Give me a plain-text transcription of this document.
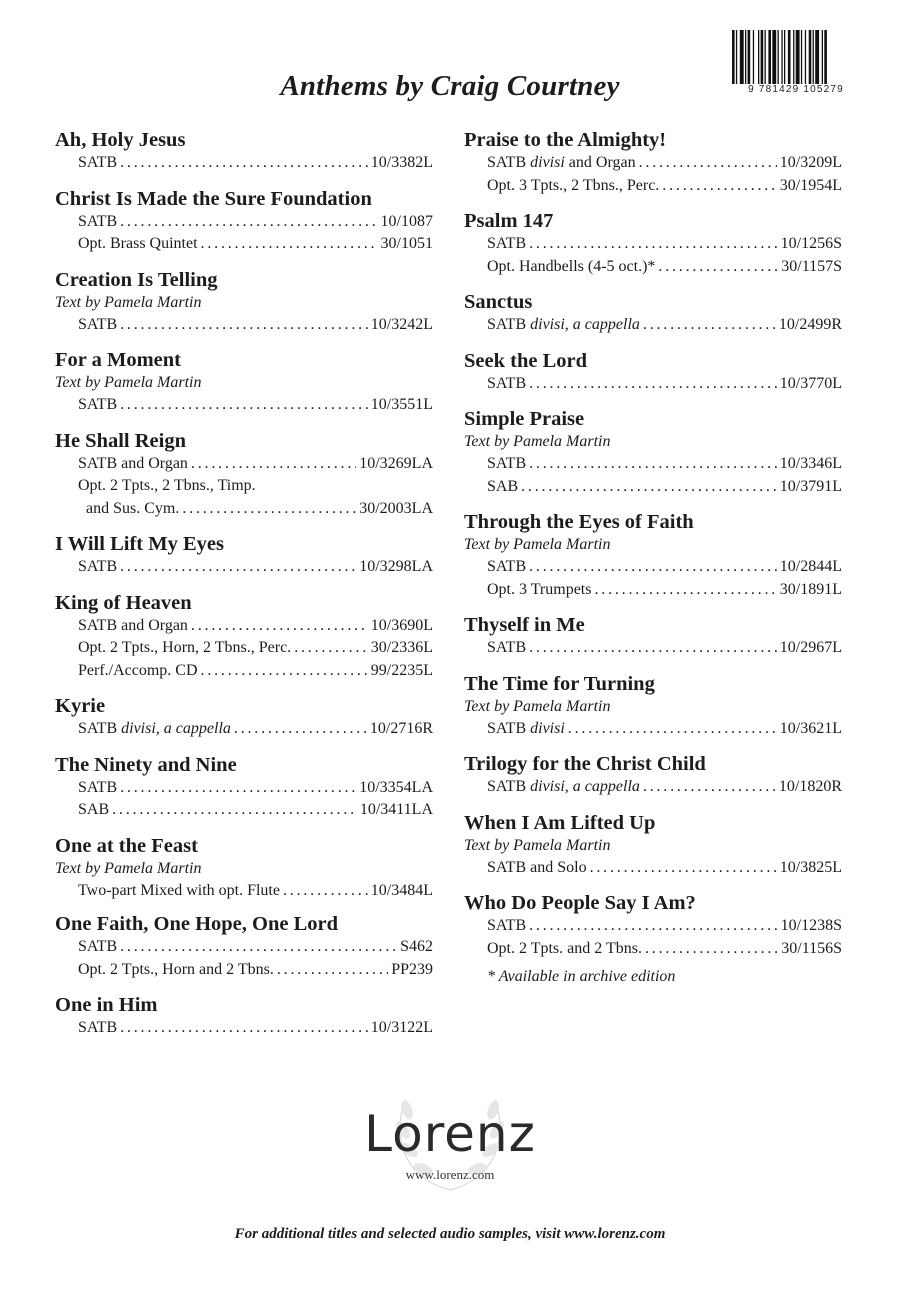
9 781429 105279
Anthems by Craig Courtney
Ah, Holy Jesus
SATB . . .	10/3382L
Christ Is Made the Sure Foundation
SATB . . .	10/1087
Opt. Brass Quintet . . .	30/1051
Creation Is Telling
Text by Pamela Martin
SATB . . .	10/3242L
For a Moment
Text by Pamela Martin
SATB . . .	10/3551L
He Shall Reign
SATB and Organ . . .	10/3269LA
Opt. 2 Tpts., 2 Tbns., Timp.
and Sus. Cym. . . .	30/2003LA
I Will Lift My Eyes
SATB . . .	10/3298LA
King of Heaven
SATB and Organ . . .	10/3690L
Opt. 2 Tpts., Horn, 2 Tbns., Perc. . . .	30/2336L
Perf./Accomp. CD . . .	99/2235L
Kyrie
SATB divisi, a cappella . . .	10/2716R
The Ninety and Nine
SATB . . .	10/3354LA
SAB . . .	10/3411LA
One at the Feast
Text by Pamela Martin
Two-part Mixed with opt. Flute . . .	10/3484L
One Faith, One Hope, One Lord
SATB . . .	S462
Opt. 2 Tpts., Horn and 2 Tbns. . . .	PP239
One in Him
SATB . . .	10/3122L
Praise to the Almighty!
SATB divisi and Organ . . .	10/3209L
Opt. 3 Tpts., 2 Tbns., Perc. . . .	30/1954L
Psalm 147
SATB . . .	10/1256S
Opt. Handbells (4-5 oct.)* . . .	30/1157S
Sanctus
SATB divisi, a cappella . . .	10/2499R
Seek the Lord
SATB . . .	10/3770L
Simple Praise
Text by Pamela Martin
SATB . . .	10/3346L
SAB . . .	10/3791L
Through the Eyes of Faith
Text by Pamela Martin
SATB . . .	10/2844L
Opt. 3 Trumpets . . .	30/1891L
Thyself in Me
SATB . . .	10/2967L
The Time for Turning
Text by Pamela Martin
SATB divisi . . .	10/3621L
Trilogy for the Christ Child
SATB divisi, a cappella . . .	10/1820R
When I Am Lifted Up
Text by Pamela Martin
SATB and Solo . . .	10/3825L
Who Do People Say I Am?
SATB . . .	10/1238S
Opt. 2 Tpts. and 2 Tbns. . . .	30/1156S
* Available in archive edition
Lorenz
www.lorenz.com
For additional titles and selected audio samples, visit www.lorenz.com
